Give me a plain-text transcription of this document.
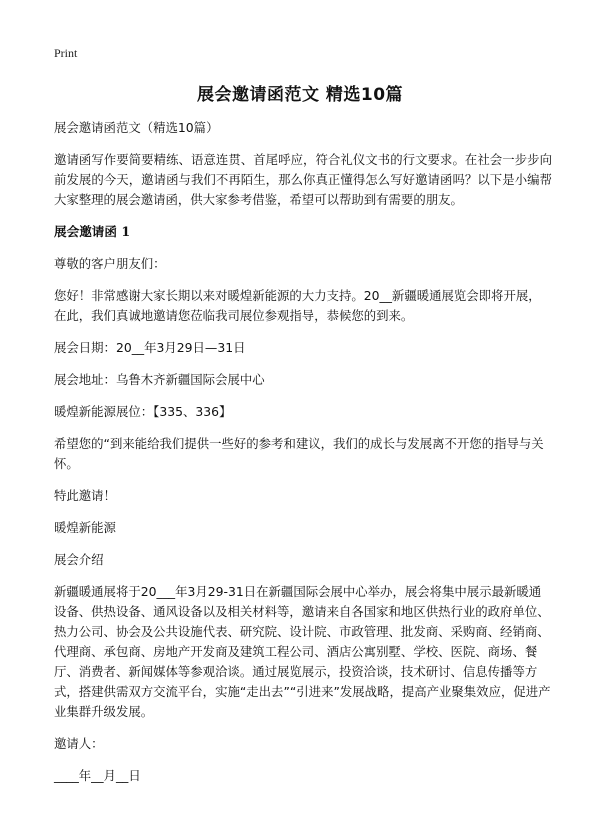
Print
展会邀请函范文 精选10篇

展会邀请函范文（精选10篇）

邀请函写作要简要精练、语意连贯、首尾呼应，符合礼仪文书的行文要求。在社会一步步向前发展的今天，邀请函与我们不再陌生，那么你真正懂得怎么写好邀请函吗？以下是小编帮大家整理的展会邀请函，供大家参考借鉴，希望可以帮助到有需要的朋友。

展会邀请函 1

尊敬的客户朋友们：

您好！非常感谢大家长期以来对暖煌新能源的大力支持。20__新疆暖通展览会即将开展，在此，我们真诚地邀请您莅临我司展位参观指导，恭候您的到来。

展会日期：20__年3月29日—31日

展会地址：乌鲁木齐新疆国际会展中心

暖煌新能源展位：【335、336】

希望您的“到来能给我们提供一些好的参考和建议，我们的成长与发展离不开您的指导与关怀。

特此邀请！

暖煌新能源

展会介绍

新疆暖通展将于20___年3月29-31日在新疆国际会展中心举办，展会将集中展示最新暖通设备、供热设备、通风设备以及相关材料等，邀请来自各国家和地区供热行业的政府单位、热力公司、协会及公共设施代表、研究院、设计院、市政管理、批发商、采购商、经销商、代理商、承包商、房地产开发商及建筑工程公司、酒店公寓别墅、学校、医院、商场、餐厅、消费者、新闻媒体等参观洽谈。通过展览展示，投资洽谈，技术研讨、信息传播等方式，搭建供需双方交流平台，实施“走出去”“引进来”发展战略，提高产业聚集效应，促进产业集群升级发展。

邀请人：

____年__月__日
